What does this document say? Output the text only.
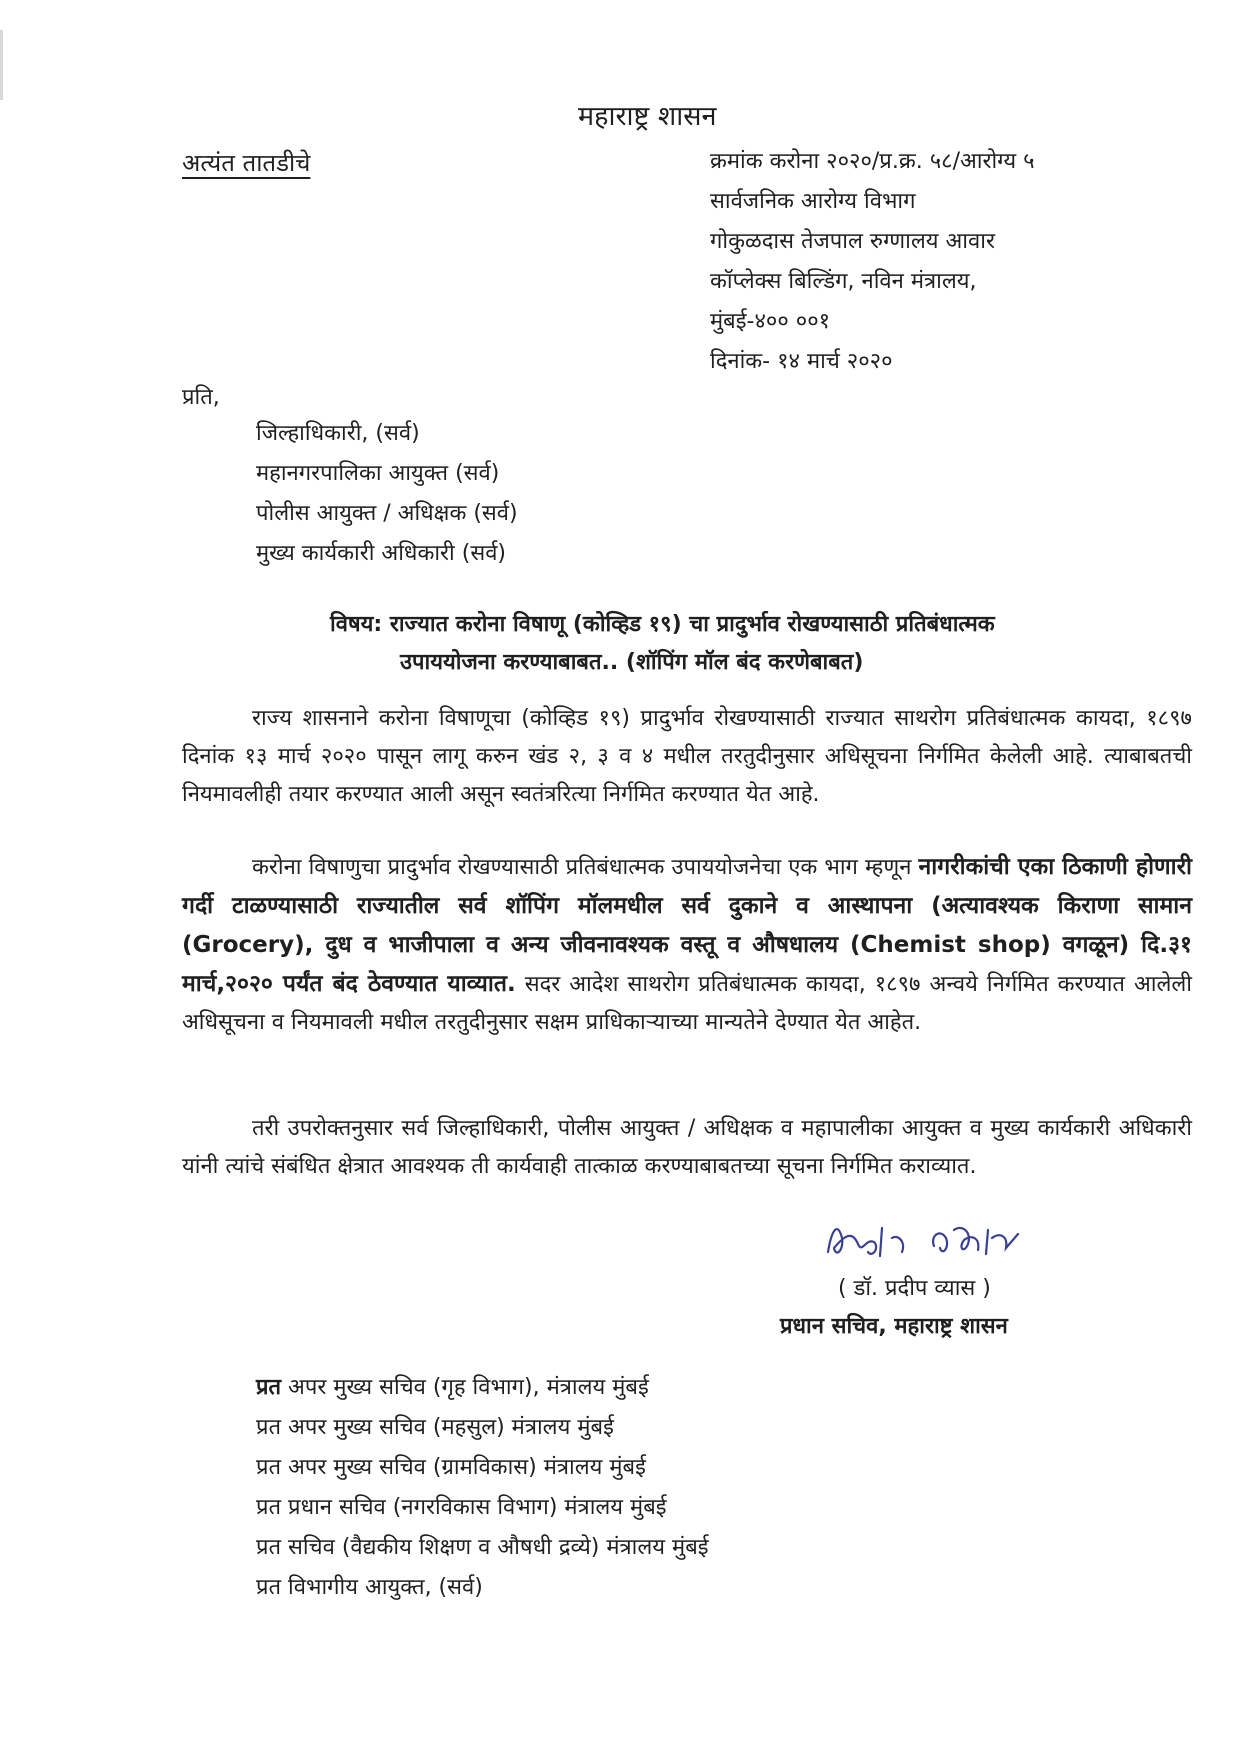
महाराष्ट्र शासन
अत्यंत तातडीचे	क्रमांक करोना २०२०/प्र.क्र. ५८/आरोग्य ५
सार्वजनिक आरोग्य विभाग
गोकुळदास तेजपाल रुग्णालय आवार
कॉप्लेक्स बिल्डिंग, नविन मंत्रालय,
मुंबई-४०० ००१
दिनांक- १४ मार्च २०२०
प्रति,
जिल्हाधिकारी, (सर्व)
महानगरपालिका आयुक्त (सर्व)
पोलीस आयुक्त / अधिक्षक (सर्व)
मुख्य कार्यकारी अधिकारी (सर्व)
विषय: राज्यात करोना विषाणू (कोव्हिड १९) चा प्रादुर्भाव रोखण्यासाठी प्रतिबंधात्मक
उपाययोजना करण्याबाबत.. (शॉपिंग मॉल बंद करणेबाबत)
राज्य शासनाने करोना विषाणूचा (कोव्हिड १९) प्रादुर्भाव रोखण्यासाठी राज्यात साथरोग प्रतिबंधात्मक कायदा, १८९७ दिनांक १३ मार्च २०२० पासून लागू करुन खंड २, ३ व ४ मधील तरतुदीनुसार अधिसूचना निर्गमित केलेली आहे. त्याबाबतची नियमावलीही तयार करण्यात आली असून स्वतंत्ररित्या निर्गमित करण्यात येत आहे.
करोना विषाणुचा प्रादुर्भाव रोखण्यासाठी प्रतिबंधात्मक उपाययोजनेचा एक भाग म्हणून नागरीकांची एका ठिकाणी होणारी गर्दी टाळण्यासाठी राज्यातील सर्व शॉपिंग मॉलमधील सर्व दुकाने व आस्थापना (अत्यावश्यक किराणा सामान (Grocery), दुध व भाजीपाला व अन्य जीवनावश्यक वस्तू व औषधालय (Chemist shop) वगळून) दि.३१ मार्च,२०२० पर्यंत बंद ठेवण्यात याव्यात. सदर आदेश साथरोग प्रतिबंधात्मक कायदा, १८९७ अन्वये निर्गमित करण्यात आलेली अधिसूचना व नियमावली मधील तरतुदीनुसार सक्षम प्राधिकाऱ्याच्या मान्यतेने देण्यात येत आहेत.
तरी उपरोक्तनुसार सर्व जिल्हाधिकारी, पोलीस आयुक्त / अधिक्षक व महापालीका आयुक्त व मुख्य कार्यकारी अधिकारी यांनी त्यांचे संबंधित क्षेत्रात आवश्यक ती कार्यवाही तात्काळ करण्याबाबतच्या सूचना निर्गमित कराव्यात.
( डॉ. प्रदीप व्यास )
प्रधान सचिव, महाराष्ट्र शासन
प्रत अपर मुख्य सचिव (गृह विभाग), मंत्रालय मुंबई
प्रत अपर मुख्य सचिव (महसुल) मंत्रालय मुंबई
प्रत अपर मुख्य सचिव (ग्रामविकास) मंत्रालय मुंबई
प्रत प्रधान सचिव (नगरविकास विभाग) मंत्रालय मुंबई
प्रत सचिव (वैद्यकीय शिक्षण व औषधी द्रव्ये) मंत्रालय मुंबई
प्रत विभागीय आयुक्त, (सर्व)
